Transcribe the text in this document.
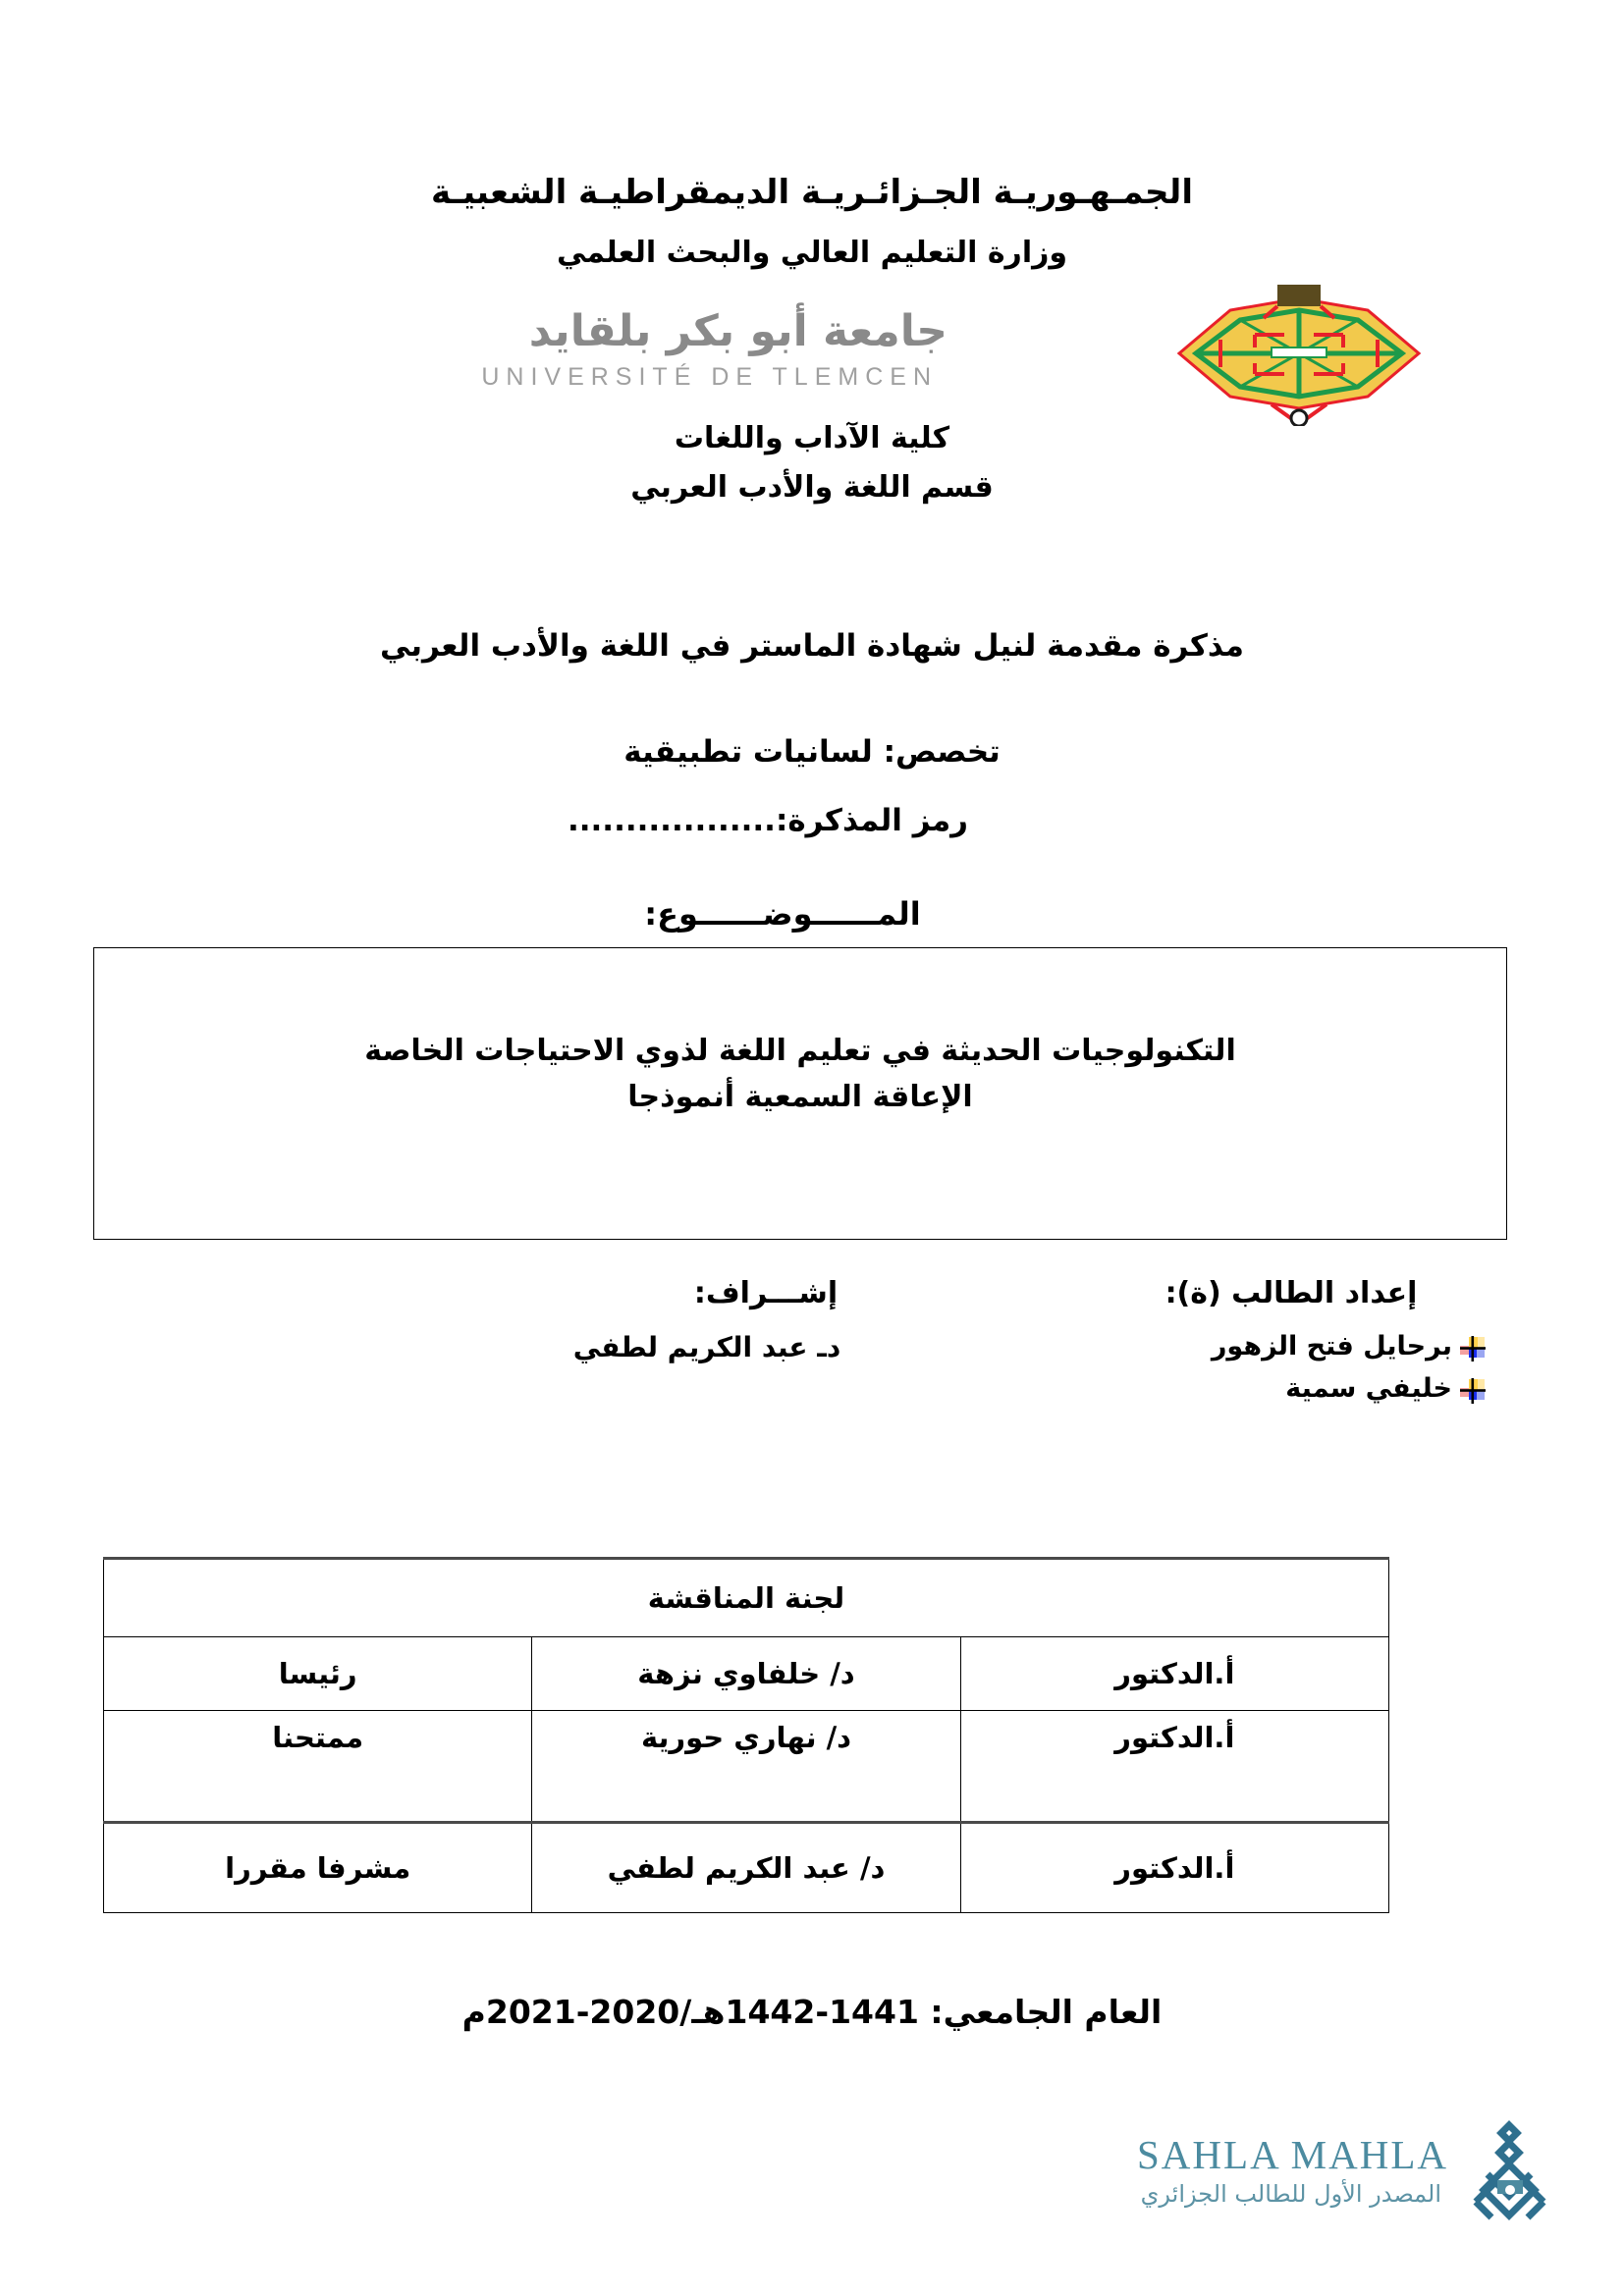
الجمـهـوريـة الجـزائـريـة الديمقراطيـة الشعبيـة
وزارة التعليم العالي والبحث العلمي
جامعة أبو بكر بلقايد
UNIVERSITÉ DE TLEMCEN
كلية الآداب واللغات
قسم اللغة والأدب العربي
مذكرة مقدمة لنيل شهادة الماستر في اللغة والأدب العربي
تخصص: لسانيات تطبيقية
رمز المذكرة:..................
المــــــوضــــــوع:
التكنولوجيات الحديثة في تعليم اللغة لذوي الاحتياجات الخاصة
الإعاقة السمعية أنموذجا
إعداد الطالب (ة):
إشـــراف:
برحايل فتح الزهور
خليفي سمية
دـ عبد الكريم لطفي
لجنة المناقشة		
أ.الدكتور	د/ خلفاوي نزهة	رئيسا
أ.الدكتور	د/ نهاري حورية	ممتحنا
أ.الدكتور	د/ عبد الكريم لطفي	مشرفا مقررا
العام الجامعي: 1441-1442هـ/2020-2021م
SAHLA MAHLA
المصدر الأول للطالب الجزائري
